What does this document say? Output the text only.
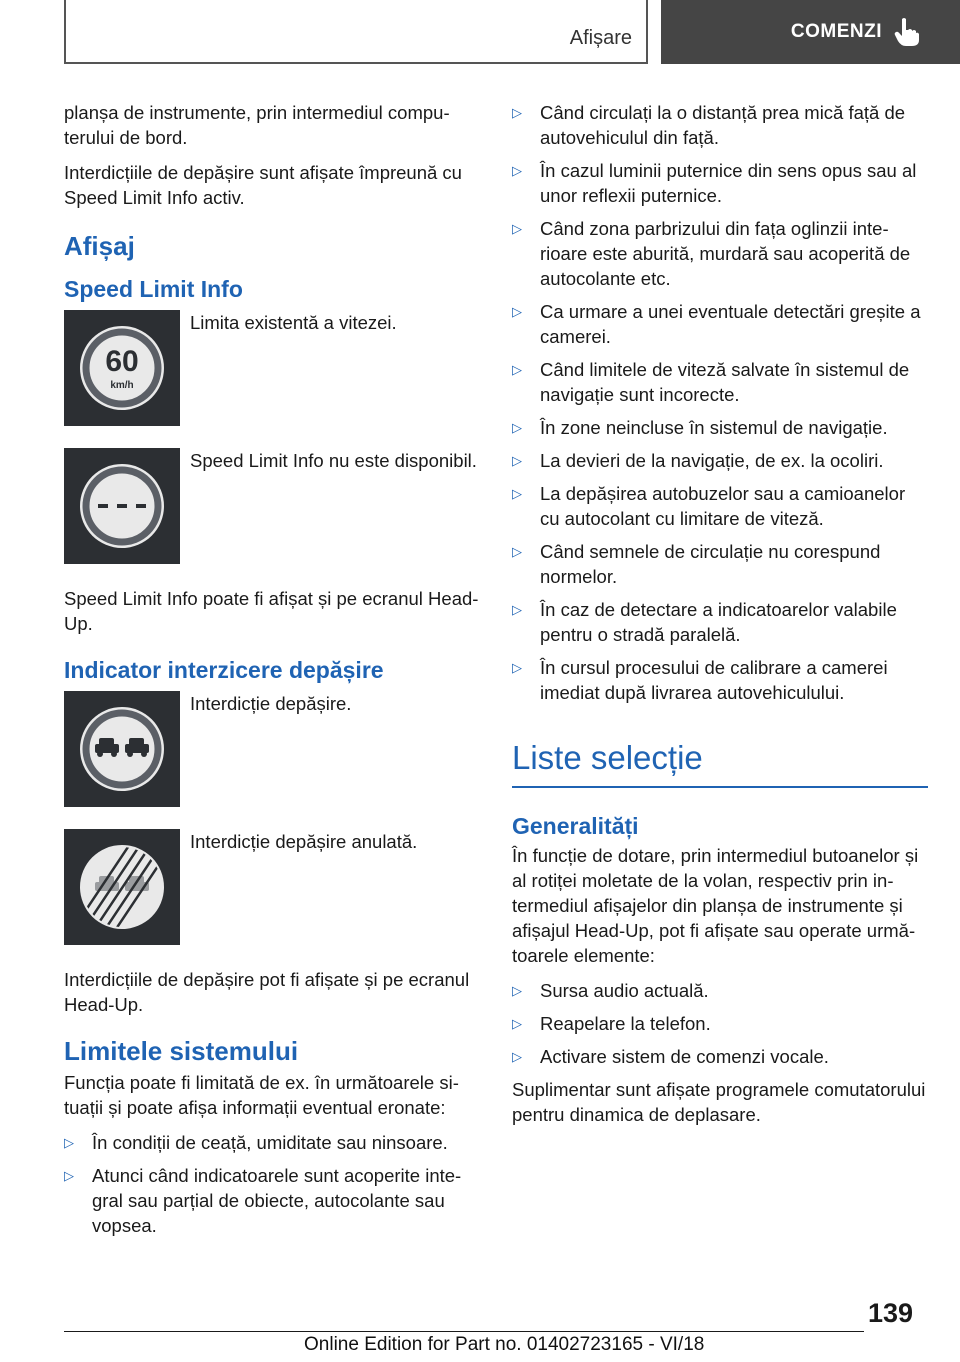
Afișare	COMENZI

planșa de instrumente, prin intermediul computerului de bord.

Interdicțiile de depășire sunt afișate împreună cu Speed Limit Info activ.

Afișaj
Speed Limit Info
60
km/h
Limita existentă a vitezei.
Speed Limit Info nu este disponibil.

Speed Limit Info poate fi afișat și pe ecranul Head-Up.

Indicator interzicere depășire
Interdicție depășire.
Interdicție depășire anulată.

Interdicțiile de depășire pot fi afișate și pe ecranul Head-Up.

Limitele sistemului

Funcția poate fi limitată de ex. în următoarele situații și poate afișa informații eventual eronate:

▷ În condiții de ceață, umiditate sau ninsoare.
▷ Atunci când indicatoarele sunt acoperite integral sau parțial de obiecte, autocolante sau vopsea.
▷ Când circulați la o distanță prea mică față de autovehiculul din față.
▷ În cazul luminii puternice din sens opus sau al unor reflexii puternice.
▷ Când zona parbrizului din fața oglinzii interioare este aburită, murdară sau acoperită de autocolante etc.
▷ Ca urmare a unei eventuale detectări greșite a camerei.
▷ Când limitele de viteză salvate în sistemul de navigație sunt incorecte.
▷ În zone neincluse în sistemul de navigație.
▷ La devieri de la navigație, de ex. la ocoliri.
▷ La depășirea autobuzelor sau a camioanelor cu autocolant cu limitare de viteză.
▷ Când semnele de circulație nu corespund normelor.
▷ În caz de detectare a indicatoarelor valabile pentru o stradă paralelă.
▷ În cursul procesului de calibrare a camerei imediat după livrarea autovehiculului.
Liste selecție
Generalități

În funcție de dotare, prin intermediul butoanelor și al rotiței moletate de la volan, respectiv prin intermediul afișajelor din planșa de instrumente și afișajul Head-Up, pot fi afișate sau operate următoarele elemente:

▷ Sursa audio actuală.
▷ Reapelare la telefon.
▷ Activare sistem de comenzi vocale.

Suplimentar sunt afișate programele comutatorului pentru dinamica de deplasare.

139
Online Edition for Part no. 01402723165 - VI/18
